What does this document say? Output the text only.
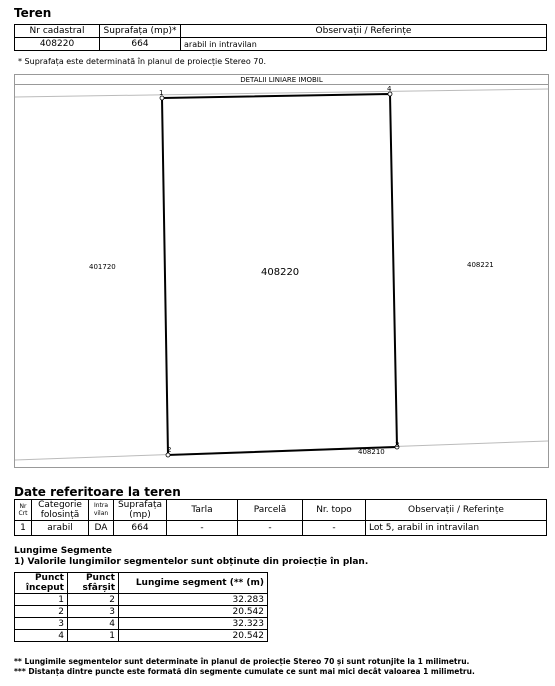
Teren
Nr cadastral	Suprafața (mp)*	Observații / Referințe
408220	664	arabil in intravilan
* Suprafața este determinată în planul de proiecție Stereo 70.
DETALII LINIARE IMOBIL
1
2
3
4
408220
401720	408221
408210
Date referitoare la teren
Nr Crt	Categorie folosință	Intra vilan	Suprafața (mp)	Tarla	Parcelă	Nr. topo	Observații / Referințe
1	arabil	DA	664	-	-	-	Lot 5, arabil in intravilan
Lungime Segmente
1) Valorile lungimilor segmentelor sunt obținute din proiecție în plan.
Punct început	Punct sfârșit	Lungime segment (** (m)
1	2	32.283
2	3	20.542
3	4	32.323
4	1	20.542
** Lungimile segmentelor sunt determinate în planul de proiecție Stereo 70 și sunt rotunjite la 1 milimetru.
*** Distanța dintre puncte este formată din segmente cumulate ce sunt mai mici decât valoarea 1 milimetru.
